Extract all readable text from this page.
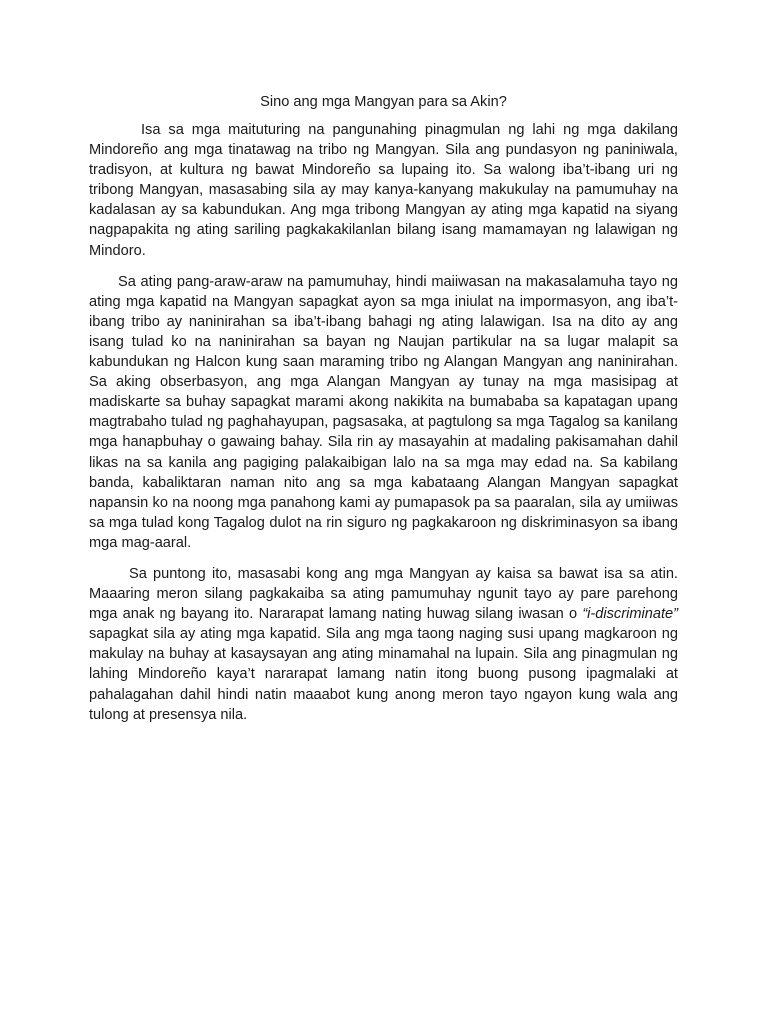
Sino ang mga Mangyan para sa Akin?

Isa sa mga maituturing na pangunahing pinagmulan ng lahi ng mga dakilang Mindoreño ang mga tinatawag na tribo ng Mangyan. Sila ang pundasyon ng paniniwala, tradisyon, at kultura ng bawat Mindoreño sa lupaing ito. Sa walong iba’t-ibang uri ng tribong Mangyan, masasabing sila ay may kanya-kanyang makukulay na pamumuhay na kadalasan ay sa kabundukan. Ang mga tribong Mangyan ay ating mga kapatid na siyang nagpapakita ng ating sariling pagkakakilanlan bilang isang mamamayan ng lalawigan ng Mindoro.

Sa ating pang-araw-araw na pamumuhay, hindi maiiwasan na makasalamuha tayo ng ating mga kapatid na Mangyan sapagkat ayon sa mga iniulat na impormasyon, ang iba’t-ibang tribo ay naninirahan sa iba’t-ibang bahagi ng ating lalawigan. Isa na dito ay ang isang tulad ko na naninirahan sa bayan ng Naujan partikular na sa lugar malapit sa kabundukan ng Halcon kung saan maraming tribo ng Alangan Mangyan ang naninirahan. Sa aking obserbasyon, ang mga Alangan Mangyan ay tunay na mga masisipag at madiskarte sa buhay sapagkat marami akong nakikita na bumababa sa kapatagan upang magtrabaho tulad ng paghahayupan, pagsasaka, at pagtulong sa mga Tagalog sa kanilang mga hanapbuhay o gawaing bahay. Sila rin ay masayahin at madaling pakisamahan dahil likas na sa kanila ang pagiging palakaibigan lalo na sa mga may edad na. Sa kabilang banda, kabaliktaran naman nito ang sa mga kabataang Alangan Mangyan sapagkat napansin ko na noong mga panahong kami ay pumapasok pa sa paaralan, sila ay umiiwas sa mga tulad kong Tagalog dulot na rin siguro ng pagkakaroon ng diskriminasyon sa ibang mga mag-aaral.

Sa puntong ito, masasabi kong ang mga Mangyan ay kaisa sa bawat isa sa atin. Maaaring meron silang pagkakaiba sa ating pamumuhay ngunit tayo ay pare parehong mga anak ng bayang ito. Nararapat lamang nating huwag silang iwasan o “i-discriminate” sapagkat sila ay ating mga kapatid. Sila ang mga taong naging susi upang magkaroon ng makulay na buhay at kasaysayan ang ating minamahal na lupain. Sila ang pinagmulan ng lahing Mindoreño kaya’t nararapat lamang natin itong buong pusong ipagmalaki at pahalagahan dahil hindi natin maaabot kung anong meron tayo ngayon kung wala ang tulong at presensya nila.
